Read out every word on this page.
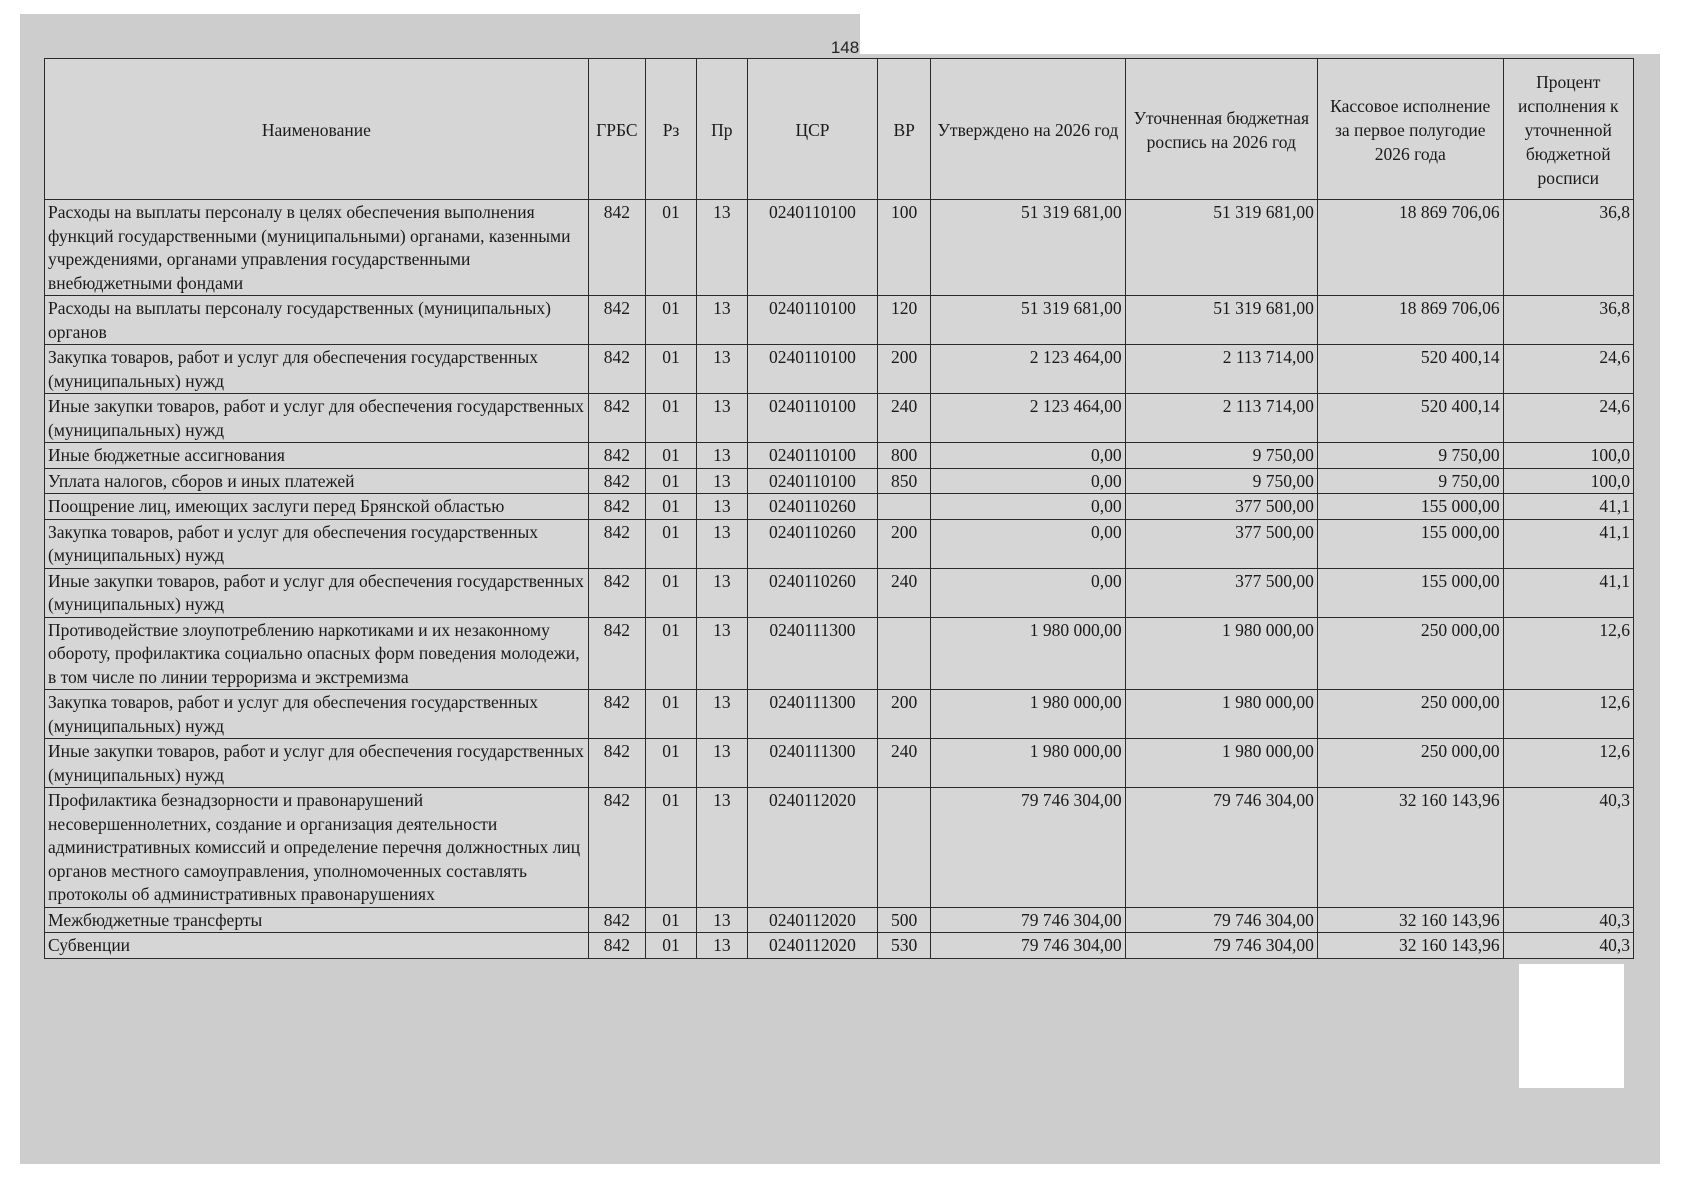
148
Наименование	ГРБС	Рз	Пр	ЦСР	ВР	Утверждено на 2026 год	Уточненная бюджетная роспись на 2026 год	Кассовое исполнение за первое полугодие 2026 года	Процент исполнения к уточненной бюджетной росписи
Расходы на выплаты персоналу в целях обеспечения выполнения функций государственными (муниципальными) органами, казенными учреждениями, органами управления государственными внебюджетными фондами	842	01	13	0240110100	100	51 319 681,00	51 319 681,00	18 869 706,06	36,8
Расходы на выплаты персоналу государственных (муниципальных) органов	842	01	13	0240110100	120	51 319 681,00	51 319 681,00	18 869 706,06	36,8
Закупка товаров, работ и услуг для обеспечения государственных (муниципальных) нужд	842	01	13	0240110100	200	2 123 464,00	2 113 714,00	520 400,14	24,6
Иные закупки товаров, работ и услуг для обеспечения государственных (муниципальных) нужд	842	01	13	0240110100	240	2 123 464,00	2 113 714,00	520 400,14	24,6
Иные бюджетные ассигнования	842	01	13	0240110100	800	0,00	9 750,00	9 750,00	100,0
Уплата налогов, сборов и иных платежей	842	01	13	0240110100	850	0,00	9 750,00	9 750,00	100,0
Поощрение лиц, имеющих заслуги перед Брянской областью	842	01	13	0240110260		0,00	377 500,00	155 000,00	41,1
Закупка товаров, работ и услуг для обеспечения государственных (муниципальных) нужд	842	01	13	0240110260	200	0,00	377 500,00	155 000,00	41,1
Иные закупки товаров, работ и услуг для обеспечения государственных (муниципальных) нужд	842	01	13	0240110260	240	0,00	377 500,00	155 000,00	41,1
Противодействие злоупотреблению наркотиками и их незаконному обороту, профилактика социально опасных форм поведения молодежи, в том числе по линии терроризма и экстремизма	842	01	13	0240111300		1 980 000,00	1 980 000,00	250 000,00	12,6
Закупка товаров, работ и услуг для обеспечения государственных (муниципальных) нужд	842	01	13	0240111300	200	1 980 000,00	1 980 000,00	250 000,00	12,6
Иные закупки товаров, работ и услуг для обеспечения государственных (муниципальных) нужд	842	01	13	0240111300	240	1 980 000,00	1 980 000,00	250 000,00	12,6
Профилактика безнадзорности и правонарушений несовершеннолетних, создание и организация деятельности административных комиссий и определение перечня должностных лиц органов местного самоуправления, уполномоченных составлять протоколы об административных правонарушениях	842	01	13	0240112020		79 746 304,00	79 746 304,00	32 160 143,96	40,3
Межбюджетные трансферты	842	01	13	0240112020	500	79 746 304,00	79 746 304,00	32 160 143,96	40,3
Субвенции	842	01	13	0240112020	530	79 746 304,00	79 746 304,00	32 160 143,96	40,3
